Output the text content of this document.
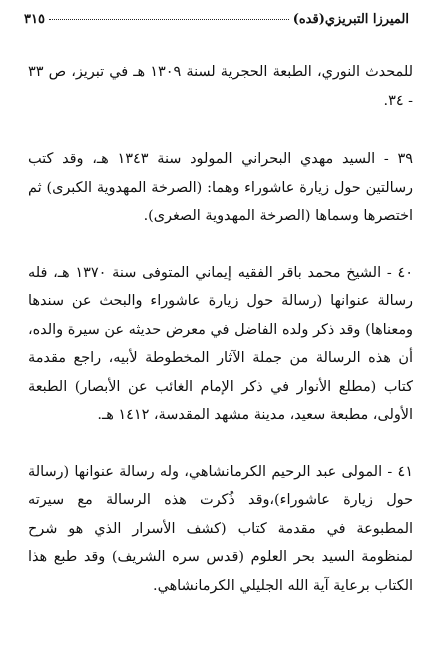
الميرزا التبريزي(قده)
٣١٥

للمحدث النوري، الطبعة الحجرية لسنة ١٣٠٩ هـ في تبريز، ص ٣٣ - ٣٤.

٣٩ - السيد مهدي البحراني المولود سنة ١٣٤٣ هـ، وقد كتب رسالتين حول زيارة عاشوراء وهما: (الصرخة المهدوية الكبرى) ثم اختصرها وسماها (الصرخة المهدوية الصغرى).

٤٠ - الشيخ محمد باقر الفقيه إيماني المتوفى سنة ١٣٧٠ هـ، فله رسالة عنوانها (رسالة حول زيارة عاشوراء والبحث عن سندها ومعناها) وقد ذكر ولده الفاضل في معرض حديثه عن سيرة والده، أن هذه الرسالة من جملة الآثار المخطوطة لأبيه، راجع مقدمة كتاب (مطلع الأنوار في ذكر الإمام الغائب عن الأبصار) الطبعة الأولى، مطبعة سعيد، مدينة مشهد المقدسة، ١٤١٢ هـ.

٤١ - المولى عبد الرحيم الكرمانشاهي، وله رسالة عنوانها (رسالة حول زيارة عاشوراء)،وقد ذُكرت هذه الرسالة مع سيرته المطبوعة في مقدمة كتاب (كشف الأسرار الذي هو شرح لمنظومة السيد بحر العلوم (قدس سره الشريف) وقد طبع هذا الكتاب برعاية آية الله الجليلي الكرمانشاهي.
